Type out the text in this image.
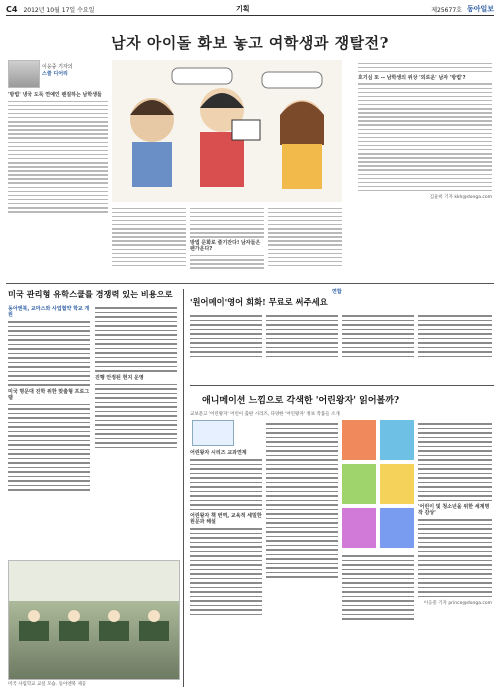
C4 2012년 10월 17일 수요일	기획	제25677호 동아일보
남자 아이돌 화보 놓고 여학생과 쟁탈전?
이응중 기자의
스쿨 디어리
'방법' 냉국 도둑 연예인 팬질하는 남학생들
방법 문화로 즐기잔다! 남자들은 팬가운다?
호기심 또 -- 남학생의 위상 '외로운' 남자 '방법'?
김윤희 기자 kkh@donga.com
미국 관리형 유학스쿨를 경쟁력 있는 비용으로
동아엔북, 교마스와 사업협약 학교 개원
미국 명문대 진학 위한 맞춤형 프로그램
진행 안정된 현지 운영
미국 사립학교 교실 모습. 동아엔북 제공
연합
'원어메이'영어 회화! 무료로 써주세요
애니메이션 느낌으로 각색한 '어린왕자' 읽어볼까?
교보문고 '어린왕자' 어린이 출판 시리즈, 다양한 '어린왕자' 정보 작품들 소개
어린왕자 시리즈 교과연계
어린왕자 책 번역, 교육적 세밀한 원문과 해설
'어린이 및 청소년을 위한 세계명작 감상'
이응중 기자 prince@donga.com
